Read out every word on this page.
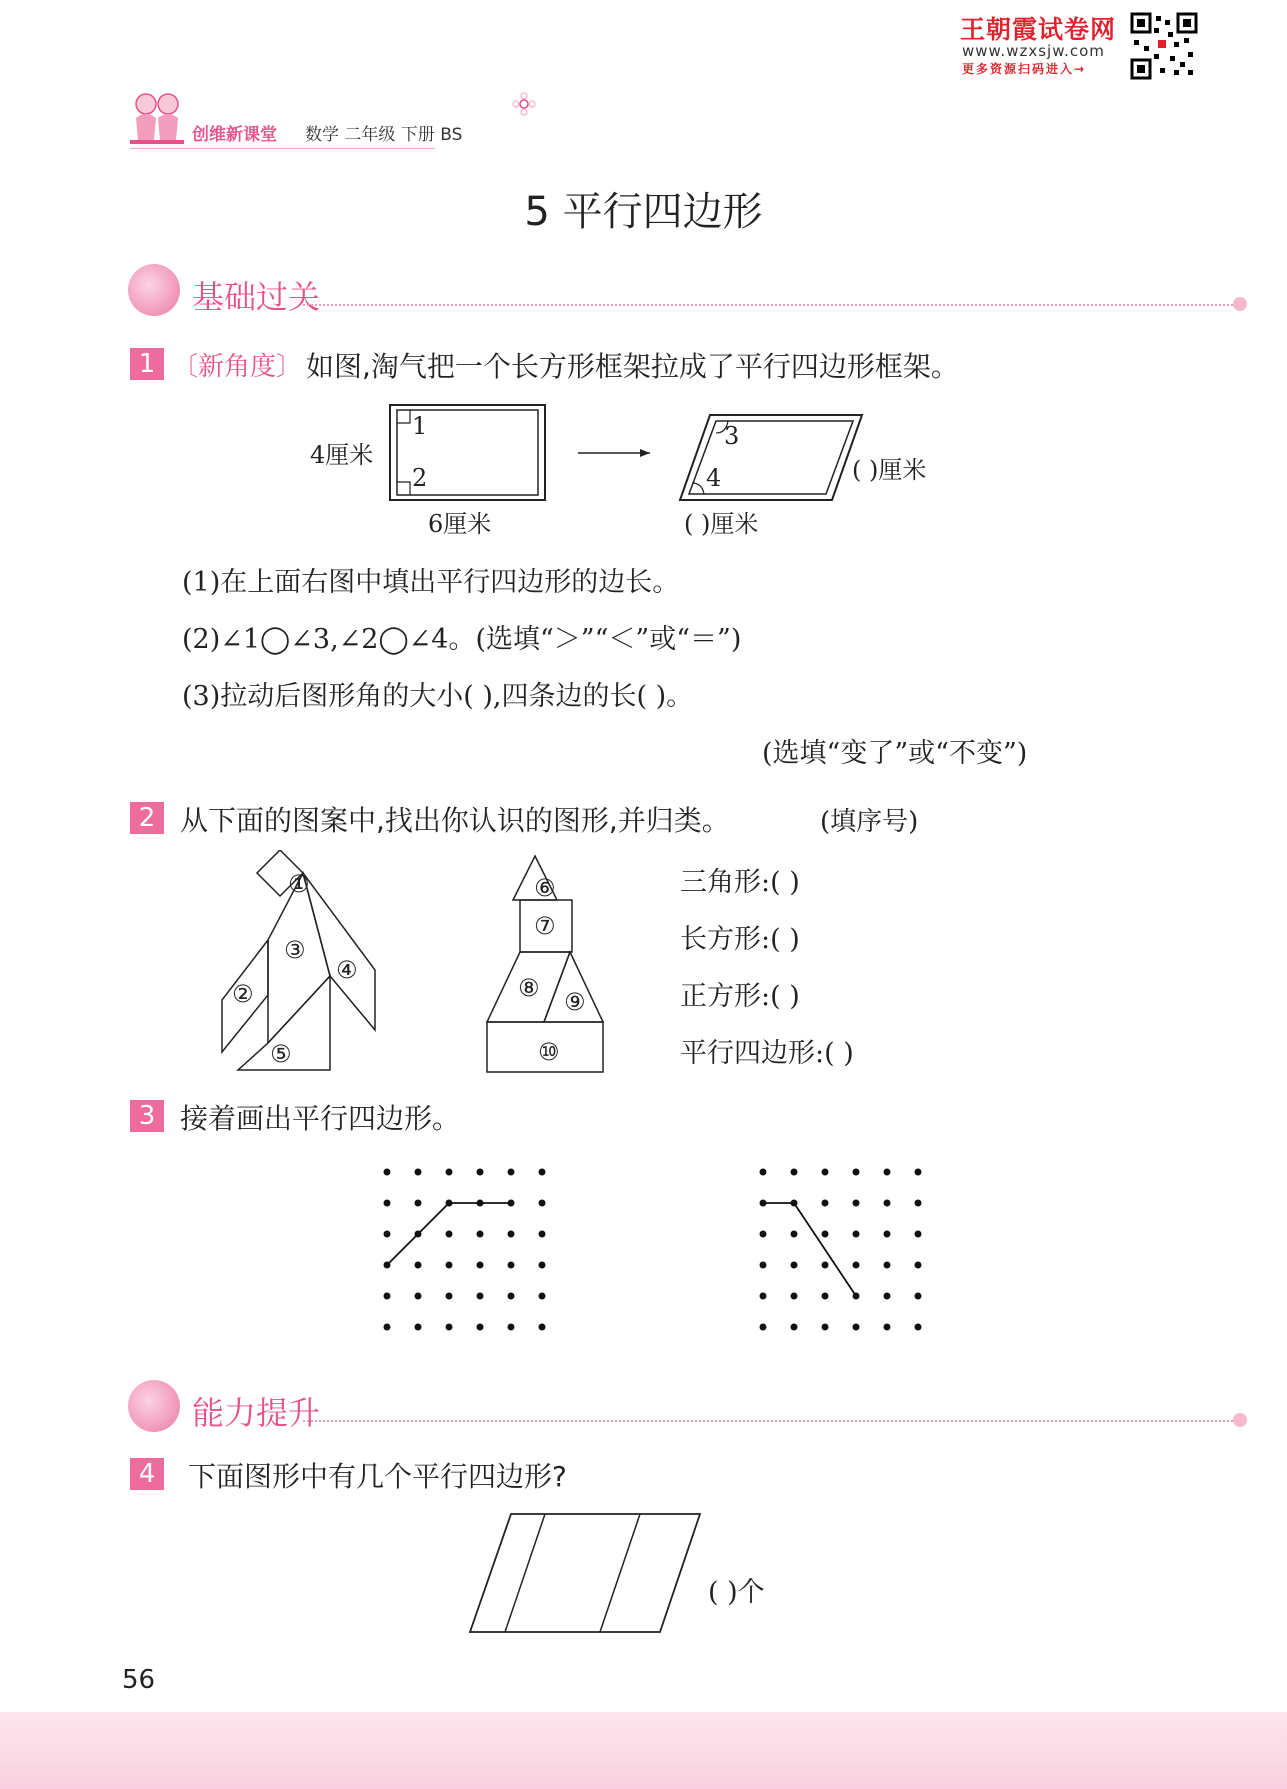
王朝霞试卷网
www.wzxsjw.com
更多资源扫码进入→
创维新课堂 数学 二年级 下册 BS
5 平行四边形
基础过关
1 〔新角度〕 如图,淘气把一个长方形框架拉成了平行四边形框架。
4厘米
1
2
6厘米
3
4	( )厘米
( )厘米
(1)在上面右图中填出平行四边形的边长。
(2)∠1◯∠3,∠2◯∠4。(选填“＞”“＜”或“＝”)
(3)拉动后图形角的大小( ),四条边的长( )。
(选填“变了”或“不变”)
2 从下面的图案中,找出你认识的图形,并归类。	(填序号)
①
②
③
④
⑤
⑥
⑦
⑧ ⑨
⑩
三角形:( )
长方形:( )
正方形:( )
平行四边形:( )
3 接着画出平行四边形。
能力提升
4	下面图形中有几个平行四边形?
( )个
56
